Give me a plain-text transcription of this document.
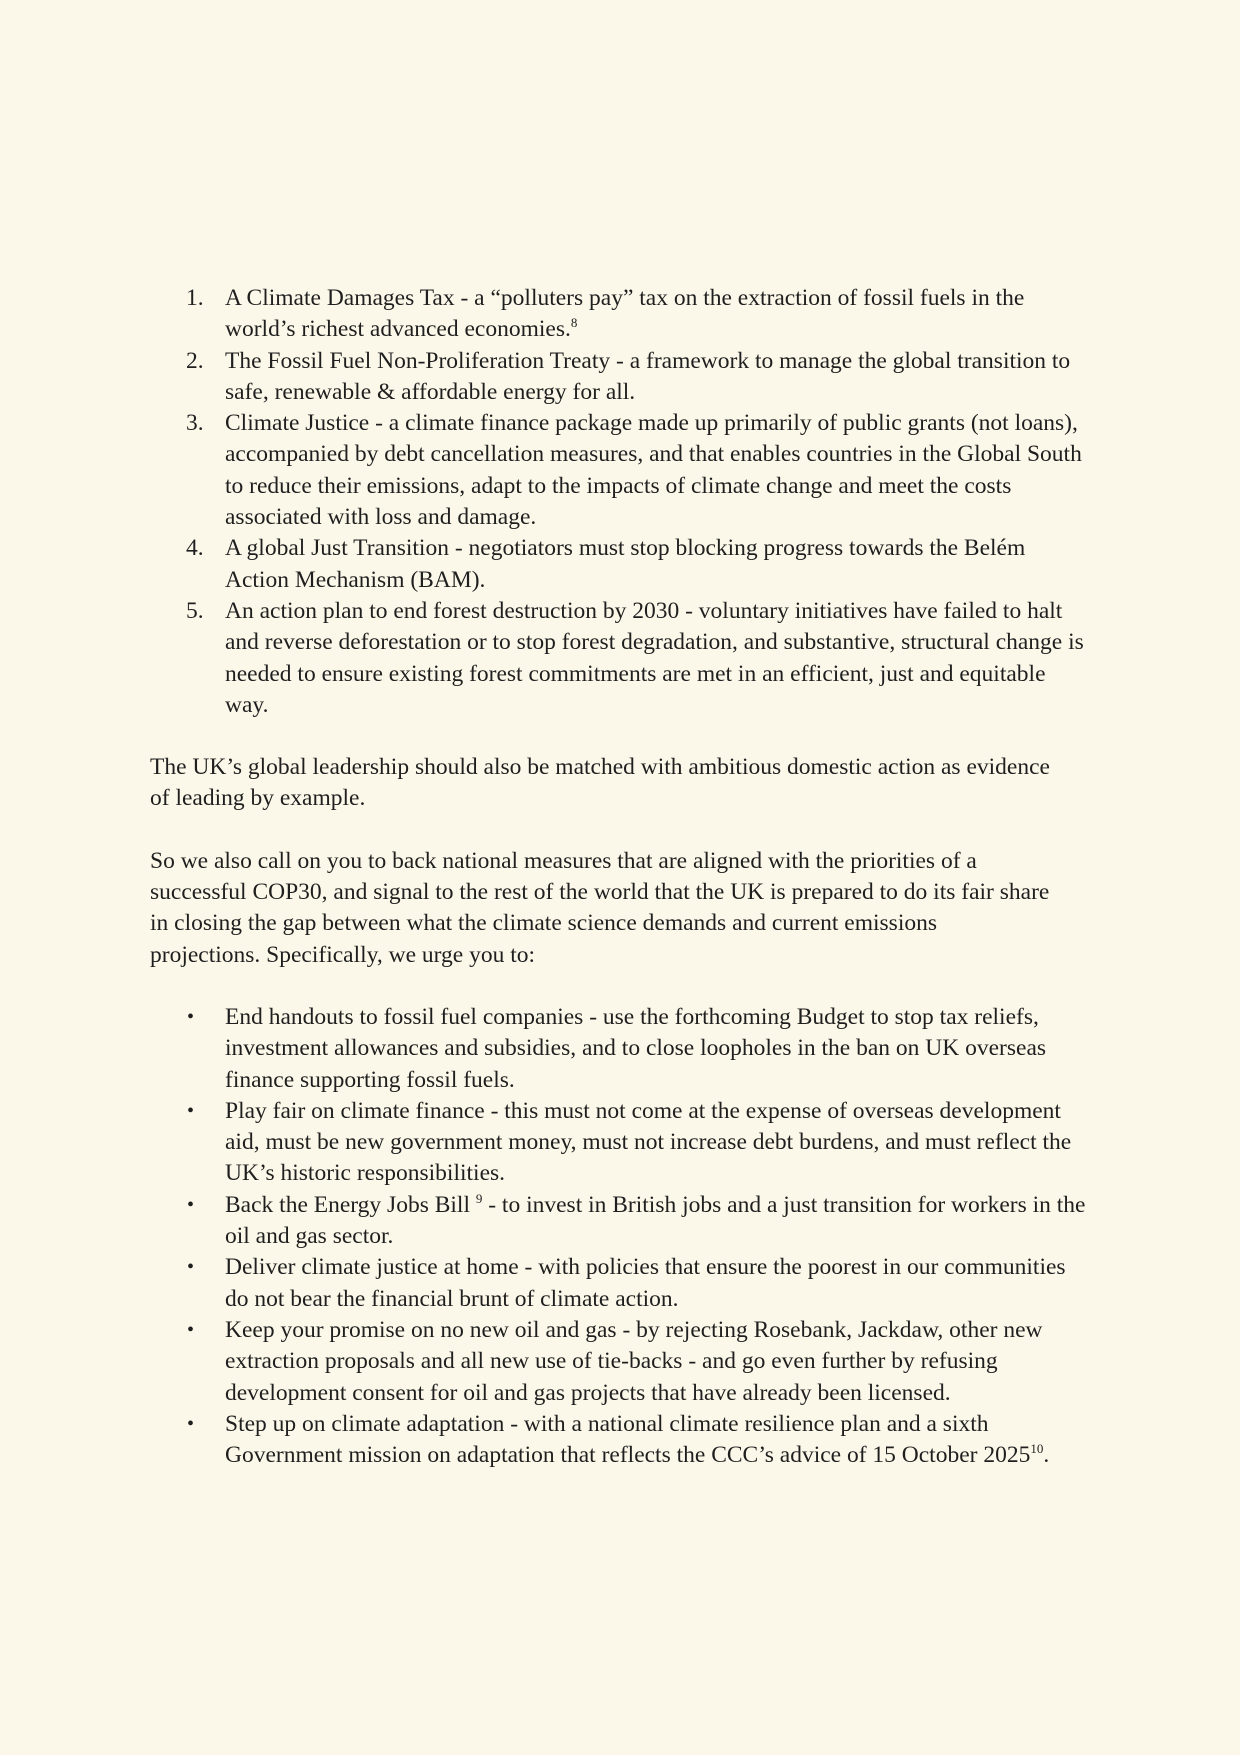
1. A Climate Damages Tax - a “polluters pay” tax on the extraction of fossil fuels in the world’s richest advanced economies.$^8$
2. The Fossil Fuel Non-Proliferation Treaty - a framework to manage the global transition to safe, renewable & affordable energy for all.
3. Climate Justice - a climate finance package made up primarily of public grants (not loans), accompanied by debt cancellation measures, and that enables countries in the Global South to reduce their emissions, adapt to the impacts of climate change and meet the costs associated with loss and damage.
4. A global Just Transition - negotiators must stop blocking progress towards the Belém Action Mechanism (BAM).
5. An action plan to end forest destruction by 2030 - voluntary initiatives have failed to halt and reverse deforestation or to stop forest degradation, and substantive, structural change is needed to ensure existing forest commitments are met in an efficient, just and equitable way.

The UK’s global leadership should also be matched with ambitious domestic action as evidence of leading by example.

So we also call on you to back national measures that are aligned with the priorities of a successful COP30, and signal to the rest of the world that the UK is prepared to do its fair share in closing the gap between what the climate science demands and current emissions projections. Specifically, we urge you to:

• End handouts to fossil fuel companies - use the forthcoming Budget to stop tax reliefs, investment allowances and subsidies, and to close loopholes in the ban on UK overseas finance supporting fossil fuels.
• Play fair on climate finance - this must not come at the expense of overseas development aid, must be new government money, must not increase debt burdens, and must reflect the UK’s historic responsibilities.
• Back the Energy Jobs Bill $^9$ - to invest in British jobs and a just transition for workers in the oil and gas sector.
• Deliver climate justice at home - with policies that ensure the poorest in our communities do not bear the financial brunt of climate action.
• Keep your promise on no new oil and gas - by rejecting Rosebank, Jackdaw, other new extraction proposals and all new use of tie-backs - and go even further by refusing development consent for oil and gas projects that have already been licensed.
• Step up on climate adaptation - with a national climate resilience plan and a sixth Government mission on adaptation that reflects the CCC’s advice of 15 October 2025$^{10}$.
